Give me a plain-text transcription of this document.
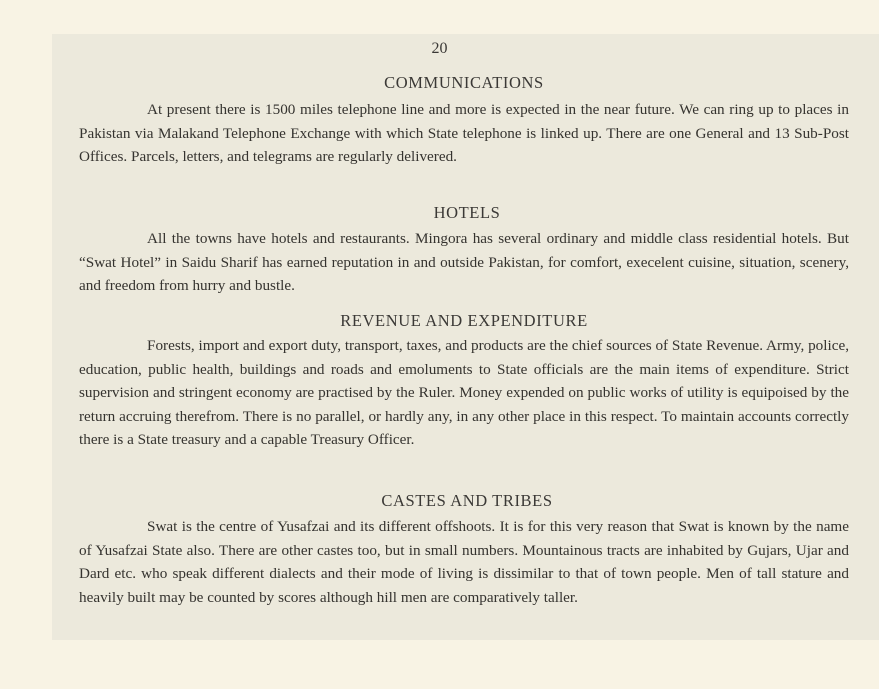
20
COMMUNICATIONS

At present there is 1500 miles telephone line and more is expected in the near future. We can ring up to places in Pakistan via Malakand Telephone Exchange with which State telephone is linked up. There are one General and 13 Sub-Post Offices. Parcels, letters, and telegrams are regularly delivered.

HOTELS

All the towns have hotels and restaurants. Mingora has several ordinary and middle class residential hotels. But “Swat Hotel” in Saidu Sharif has earned reputation in and outside Pakistan, for comfort, execelent cuisine, situation, scenery, and freedom from hurry and bustle.

REVENUE AND EXPENDITURE

Forests, import and export duty, transport, taxes, and products are the chief sources of State Revenue. Army, police, education, public health, buildings and roads and emoluments to State officials are the main items of expenditure. Strict supervision and stringent economy are practised by the Ruler. Money expended on public works of utility is equipoised by the return accruing therefrom. There is no parallel, or hardly any, in any other place in this respect. To maintain accounts correctly there is a State treasury and a capable Treasury Officer.

CASTES AND TRIBES

Swat is the centre of Yusafzai and its different offshoots. It is for this very reason that Swat is known by the name of Yusafzai State also. There are other castes too, but in small numbers. Mountainous tracts are inhabited by Gujars, Ujar and Dard etc. who speak different dialects and their mode of living is dissimilar to that of town people. Men of tall stature and heavily built may be counted by scores although hill men are comparatively taller.
